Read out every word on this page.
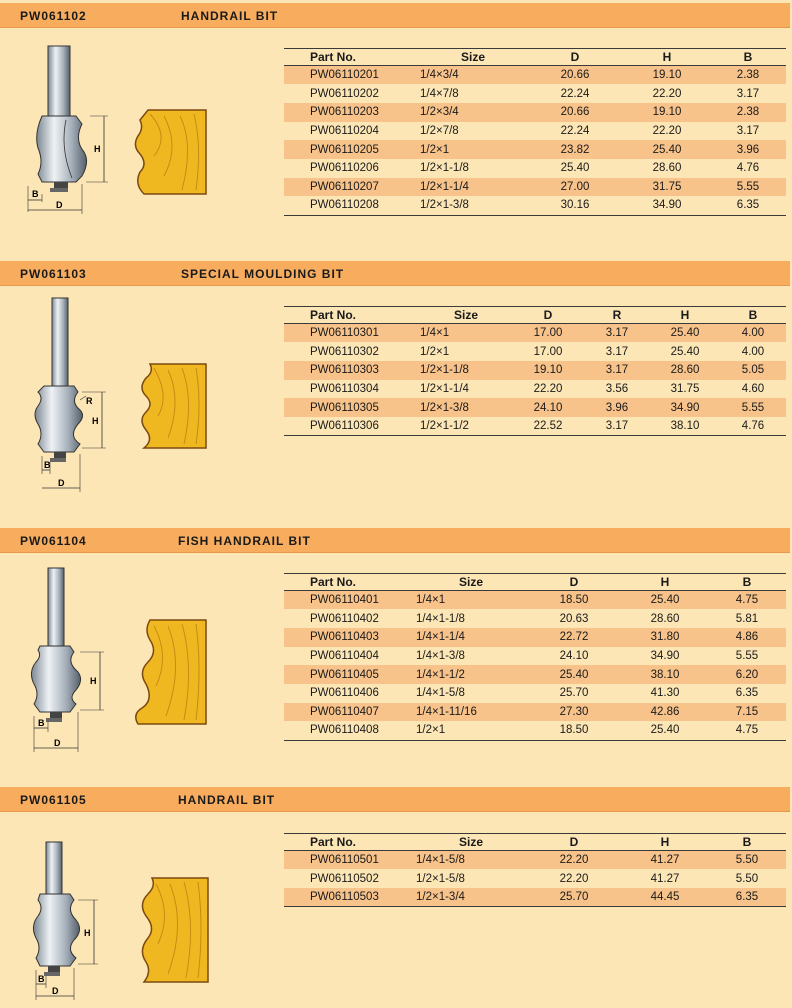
PW061102	HANDRAIL BIT
H
B
D
Part No.	Size	D	H	B
PW06110201	1/4×3/4	20.66	19.10	2.38
PW06110202	1/4×7/8	22.24	22.20	3.17
PW06110203	1/2×3/4	20.66	19.10	2.38
PW06110204	1/2×7/8	22.24	22.20	3.17
PW06110205	1/2×1	23.82	25.40	3.96
PW06110206	1/2×1-1/8	25.40	28.60	4.76
PW06110207	1/2×1-1/4	27.00	31.75	5.55
PW06110208	1/2×1-3/8	30.16	34.90	6.35
PW061103	SPECIAL MOULDING BIT
H
R
B
D
Part No.	Size	D	R	H	B
PW06110301	1/4×1	17.00	3.17	25.40	4.00
PW06110302	1/2×1	17.00	3.17	25.40	4.00
PW06110303	1/2×1-1/8	19.10	3.17	28.60	5.05
PW06110304	1/2×1-1/4	22.20	3.56	31.75	4.60
PW06110305	1/2×1-3/8	24.10	3.96	34.90	5.55
PW06110306	1/2×1-1/2	22.52	3.17	38.10	4.76
PW061104	FISH HANDRAIL BIT
H
B
D
Part No.	Size	D	H	B
PW06110401	1/4×1	18.50	25.40	4.75
PW06110402	1/4×1-1/8	20.63	28.60	5.81
PW06110403	1/4×1-1/4	22.72	31.80	4.86
PW06110404	1/4×1-3/8	24.10	34.90	5.55
PW06110405	1/4×1-1/2	25.40	38.10	6.20
PW06110406	1/4×1-5/8	25.70	41.30	6.35
PW06110407	1/4×1-11/16	27.30	42.86	7.15
PW06110408	1/2×1	18.50	25.40	4.75
PW061105	HANDRAIL BIT
H
B
D
Part No.	Size	D	H	B
PW06110501	1/4×1-5/8	22.20	41.27	5.50
PW06110502	1/2×1-5/8	22.20	41.27	5.50
PW06110503	1/2×1-3/4	25.70	44.45	6.35
